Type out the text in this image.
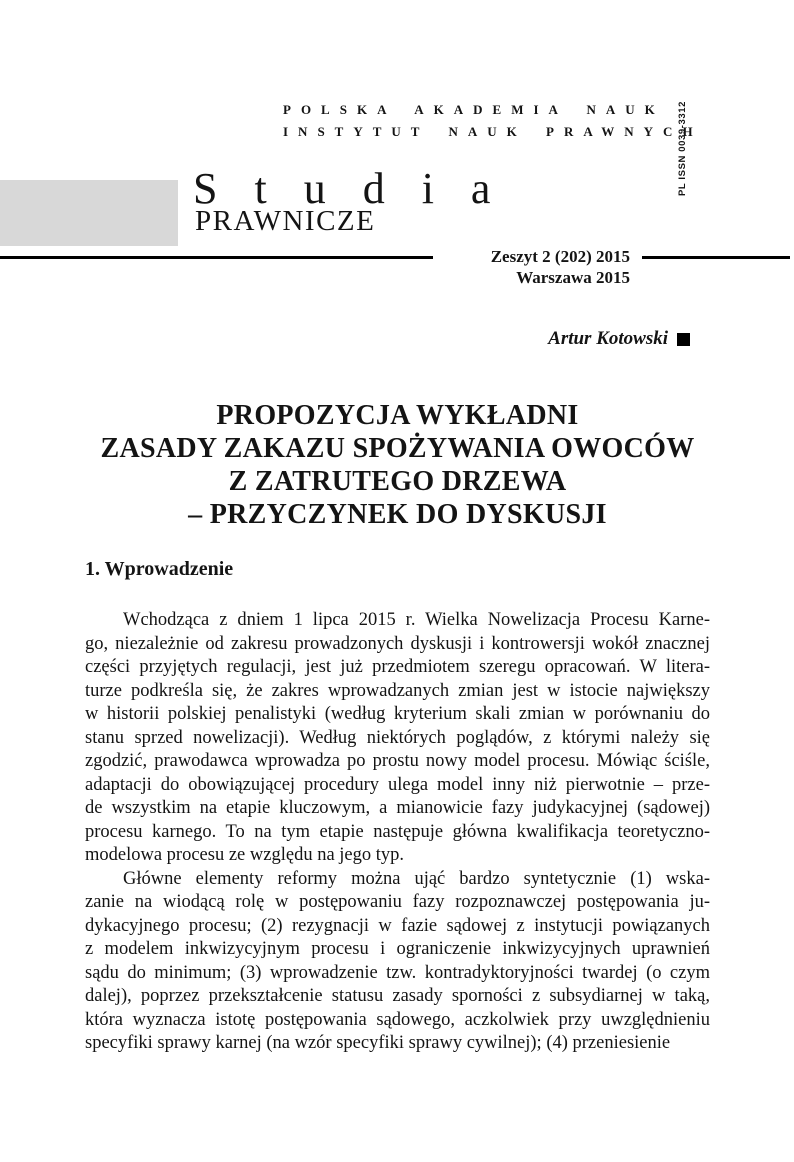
POLSKA AKADEMIA NAUK
INSTYTUT NAUK PRAWNYCH
PL ISSN 0039-3312
S t u d i a
PRAWNICZE
Zeszyt 2 (202) 2015
Warszawa 2015
Artur Kotowski
PROPOZYCJA WYKŁADNI
ZASADY ZAKAZU SPOŻYWANIA OWOCÓW
Z ZATRUTEGO DRZEWA
– PRZYCZYNEK DO DYSKUSJI
1. Wprowadzenie
Wchodząca z dniem 1 lipca 2015 r. Wielka Nowelizacja Procesu Karne-
go, niezależnie od zakresu prowadzonych dyskusji i kontrowersji wokół znacznej
części przyjętych regulacji, jest już przedmiotem szeregu opracowań. W litera-
turze podkreśla się, że zakres wprowadzanych zmian jest w istocie największy
w historii polskiej penalistyki (według kryterium skali zmian w porównaniu do
stanu sprzed nowelizacji). Według niektórych poglądów, z którymi należy się
zgodzić, prawodawca wprowadza po prostu nowy model procesu. Mówiąc ściśle,
adaptacji do obowiązującej procedury ulega model inny niż pierwotnie – prze-
de wszystkim na etapie kluczowym, a mianowicie fazy judykacyjnej (sądowej)
procesu karnego. To na tym etapie następuje główna kwalifikacja teoretyczno-
modelowa procesu ze względu na jego typ.
Główne elementy reformy można ująć bardzo syntetycznie (1) wska-
zanie na wiodącą rolę w postępowaniu fazy rozpoznawczej postępowania ju-
dykacyjnego procesu; (2) rezygnacji w fazie sądowej z instytucji powiązanych
z modelem inkwizycyjnym procesu i ograniczenie inkwizycyjnych uprawnień
sądu do minimum; (3) wprowadzenie tzw. kontradyktoryjności twardej (o czym
dalej), poprzez przekształcenie statusu zasady sporności z subsydiarnej w taką,
która wyznacza istotę postępowania sądowego, aczkolwiek przy uwzględnieniu
specyfiki sprawy karnej (na wzór specyfiki sprawy cywilnej); (4) przeniesienie
